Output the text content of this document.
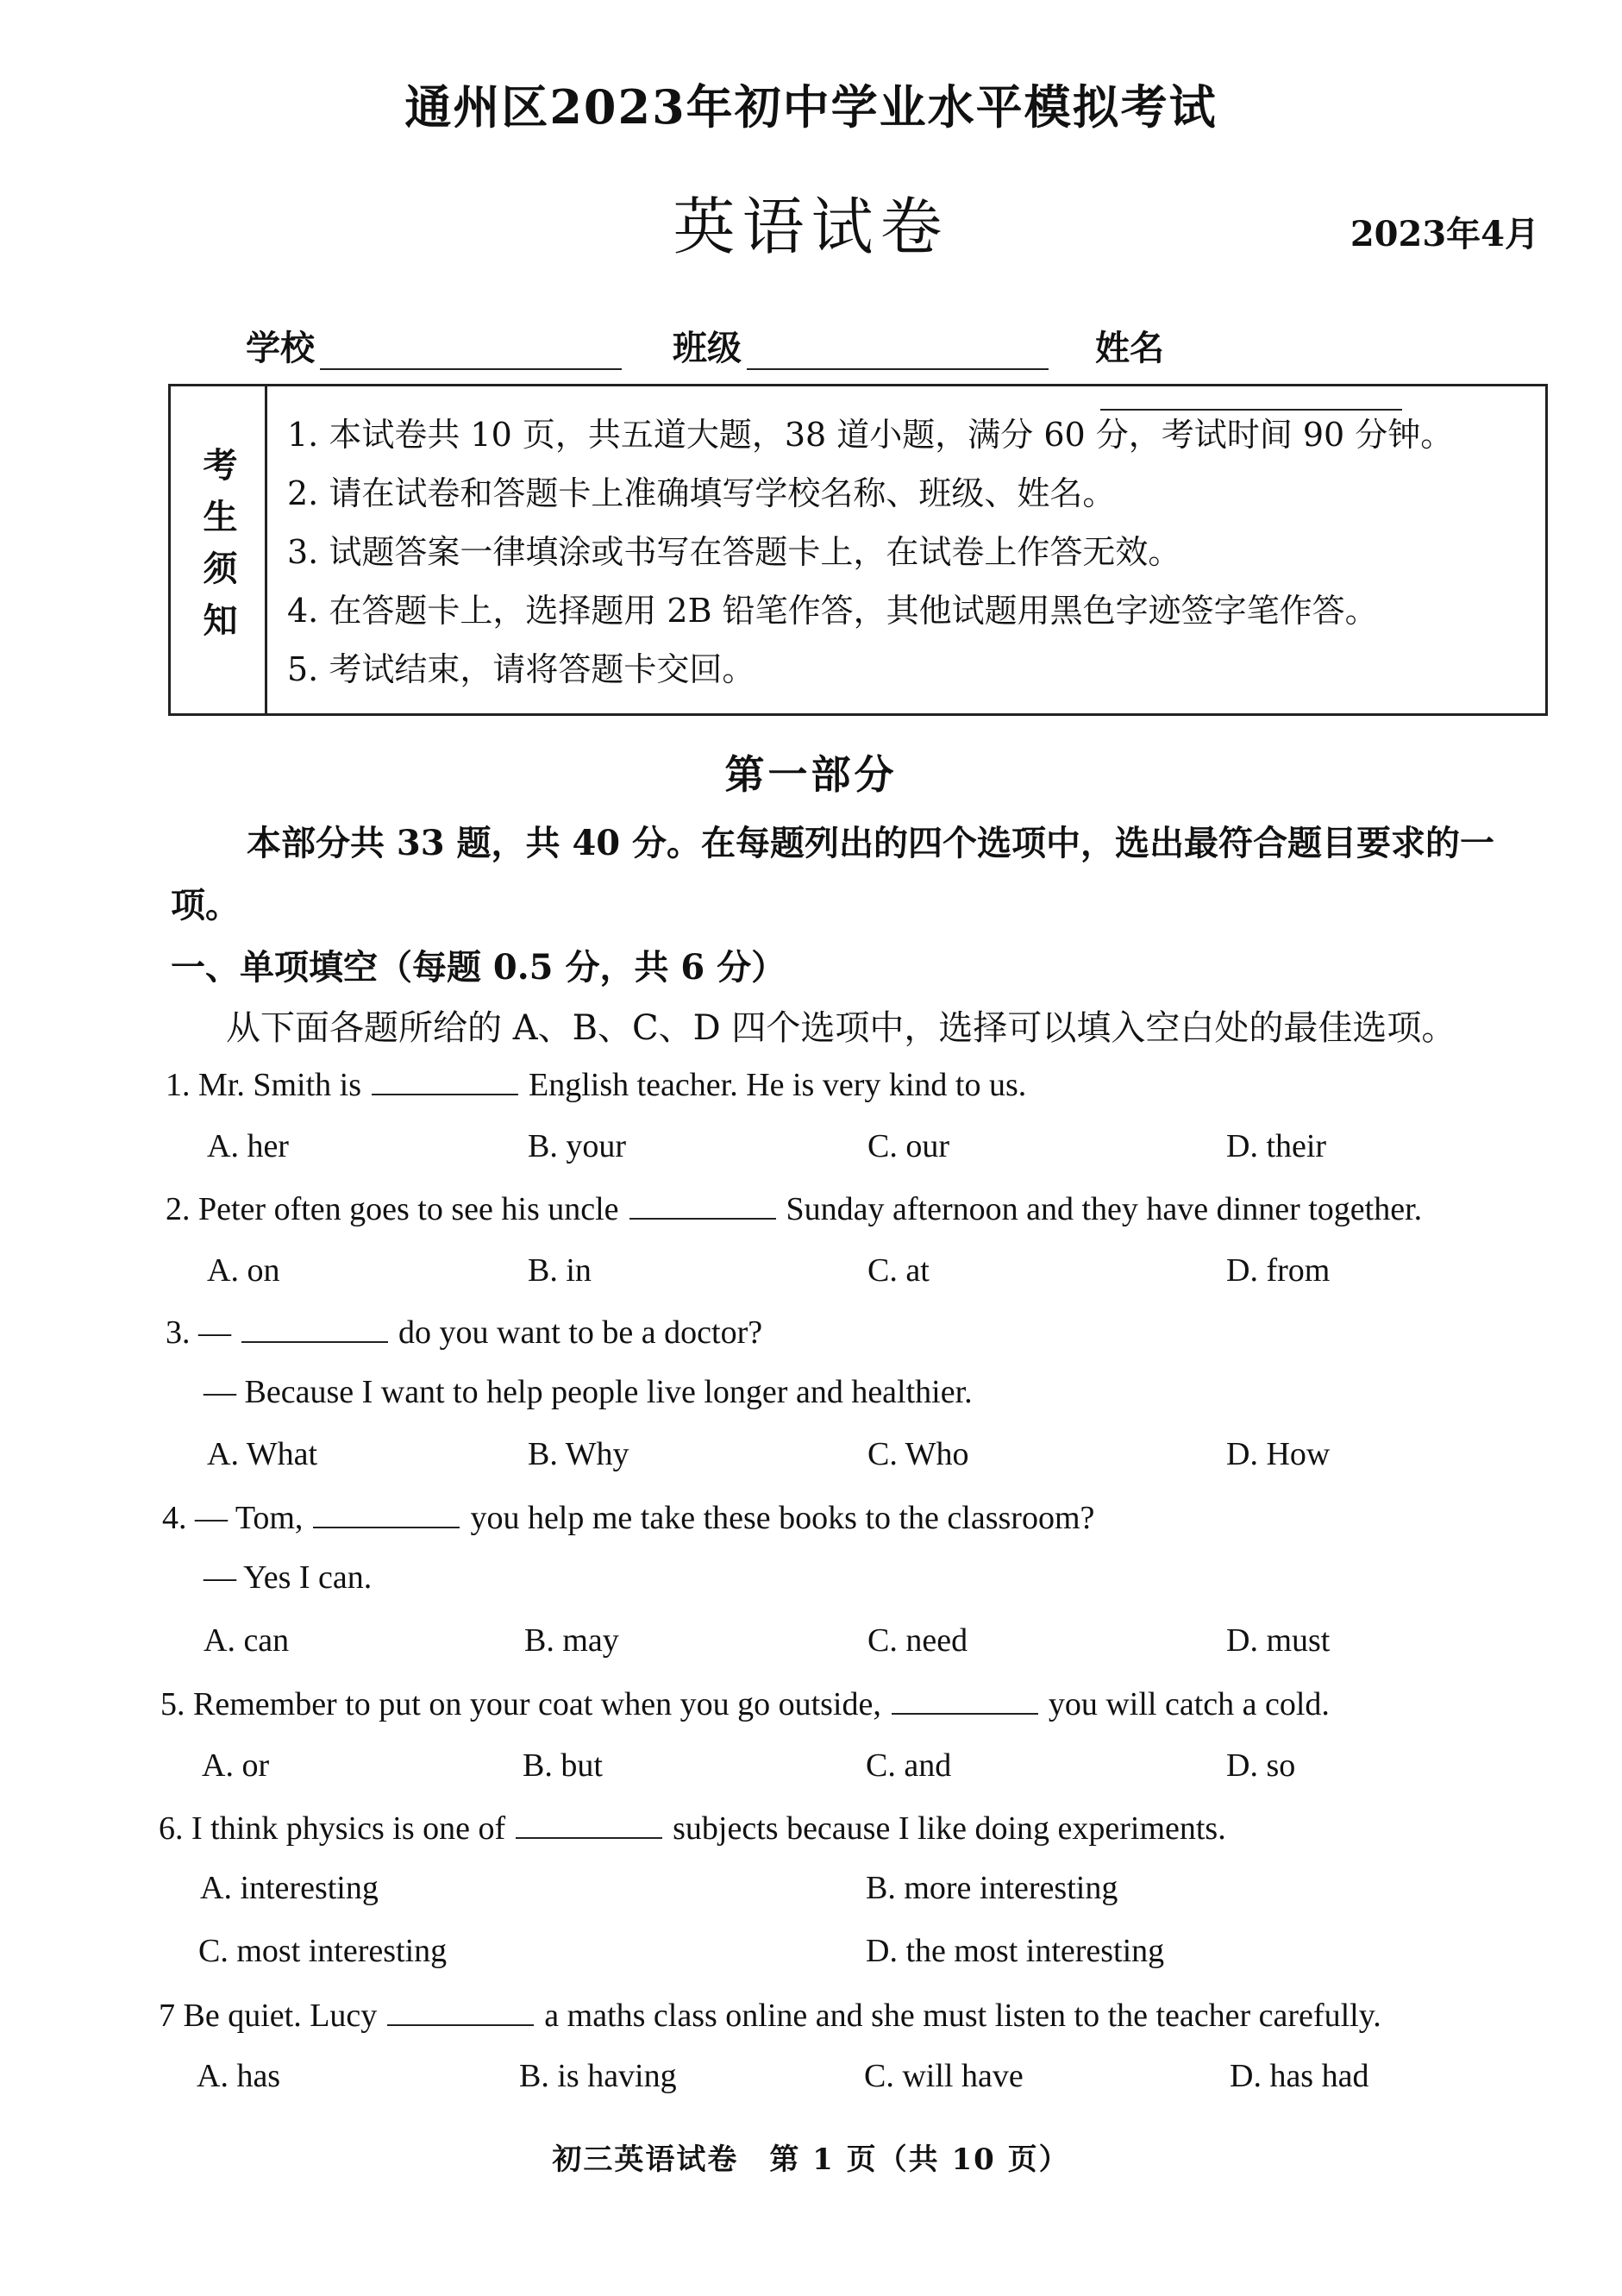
通州区2023年初中学业水平模拟考试
英语试卷	2023年4月
学校	班级	姓名
考生须知
1. 本试卷共 10 页，共五道大题，38 道小题，满分 60 分，考试时间 90 分钟。
2. 请在试卷和答题卡上准确填写学校名称、班级、姓名。
3. 试题答案一律填涂或书写在答题卡上，在试卷上作答无效。
4. 在答题卡上，选择题用 2B 铅笔作答，其他试题用黑色字迹签字笔作答。
5. 考试结束，请将答题卡交回。
第一部分
本部分共 33 题，共 40 分。在每题列出的四个选项中，选出最符合题目要求的一项。
一、单项填空（每题 0.5 分，共 6 分）
从下面各题所给的 A、B、C、D 四个选项中，选择可以填入空白处的最佳选项。
1. Mr. Smith is	English teacher. He is very kind to us.
A. her	B. your	C. our	D. their
2. Peter often goes to see his uncle	Sunday afternoon and they have dinner together.
A. on	B. in	C. at	D. from
3. —	do you want to be a doctor?
— Because I want to help people live longer and healthier.
A. What	B. Why	C. Who	D. How
4. — Tom,	you help me take these books to the classroom?
— Yes I can.
A. can	B. may	C. need	D. must
5. Remember to put on your coat when you go outside,	you will catch a cold.
A. or	B. but	C. and	D. so
6. I think physics is one of	subjects because I like doing experiments.
A. interesting	B. more interesting
C. most interesting	D. the most interesting
7 Be quiet. Lucy	a maths class online and she must listen to the teacher carefully.
A. has	B. is having	C. will have	D. has had
初三英语试卷　第 1 页（共 10 页）
